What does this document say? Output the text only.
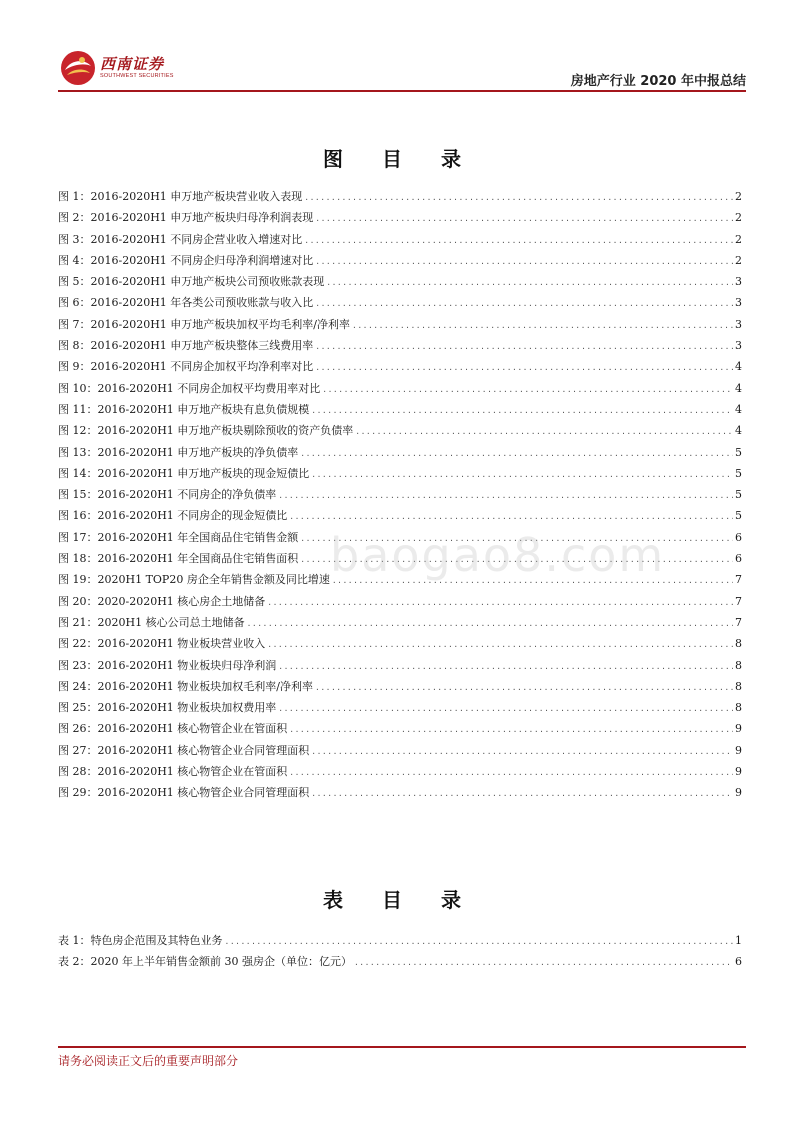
西南证券
SOUTHWEST SECURITIES	房地产行业 2020 年中报总结
图 目 录
图 1：2016-2020H1 申万地产板块营业收入表现 .....	2
图 2：2016-2020H1 申万地产板块归母净利润表现 .....	2
图 3：2016-2020H1 不同房企营业收入增速对比 .....	2
图 4：2016-2020H1 不同房企归母净利润增速对比 .....	2
图 5：2016-2020H1 申万地产板块公司预收账款表现 .....	3
图 6：2016-2020H1 年各类公司预收账款与收入比 .....	3
图 7：2016-2020H1 申万地产板块加权平均毛利率/净利率 .....	3
图 8：2016-2020H1 申万地产板块整体三线费用率 .....	3
图 9：2016-2020H1 不同房企加权平均净利率对比 .....	4
图 10：2016-2020H1 不同房企加权平均费用率对比 .....	4
图 11：2016-2020H1 申万地产板块有息负债规模 .....	4
图 12：2016-2020H1 申万地产板块剔除预收的资产负债率 .....	4
图 13：2016-2020H1 申万地产板块的净负债率 .....	5
图 14：2016-2020H1 申万地产板块的现金短债比 .....	5
图 15：2016-2020H1 不同房企的净负债率 .....	5
图 16：2016-2020H1 不同房企的现金短债比 .....	5
图 17：2016-2020H1 年全国商品住宅销售金额 .....	6
图 18：2016-2020H1 年全国商品住宅销售面积 .....	6
图 19：2020H1 TOP20 房企全年销售金额及同比增速 .....	7
图 20：2020-2020H1 核心房企土地储备 .....	7
图 21：2020H1 核心公司总土地储备 .....	7
图 22：2016-2020H1 物业板块营业收入 .....	8
图 23：2016-2020H1 物业板块归母净利润 .....	8
图 24：2016-2020H1 物业板块加权毛利率/净利率 .....	8
图 25：2016-2020H1 物业板块加权费用率 .....	8
图 26：2016-2020H1 核心物管企业在管面积 .....	9
图 27：2016-2020H1 核心物管企业合同管理面积 .....	9
图 28：2016-2020H1 核心物管企业在管面积 .....	9
图 29：2016-2020H1 核心物管企业合同管理面积 .....	9
baogao8.com
表 目 录
表 1：特色房企范围及其特色业务 .....	1
表 2：2020 年上半年销售金额前 30 强房企（单位：亿元） .....	6
请务必阅读正文后的重要声明部分
